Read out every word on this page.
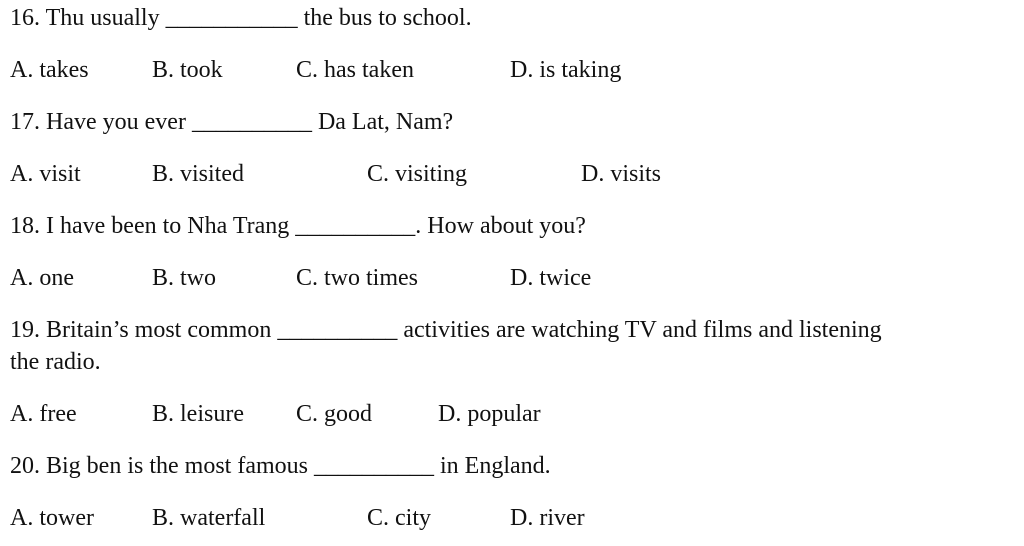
16. Thu usually ___________ the bus to school.
A. takes	B. took	C. has taken	D. is taking
17. Have you ever __________ Da Lat, Nam?
A. visit	B. visited	C. visiting	D. visits
18. I have been to Nha Trang __________. How about you?
A. one	B. two	C. two times	D. twice
19. Britain’s most common __________ activities are watching TV and films and listening
the radio.
A. free	B. leisure C. good	D. popular
20. Big ben is the most famous __________ in England.
A. tower B. waterfall	C. city	D. river
